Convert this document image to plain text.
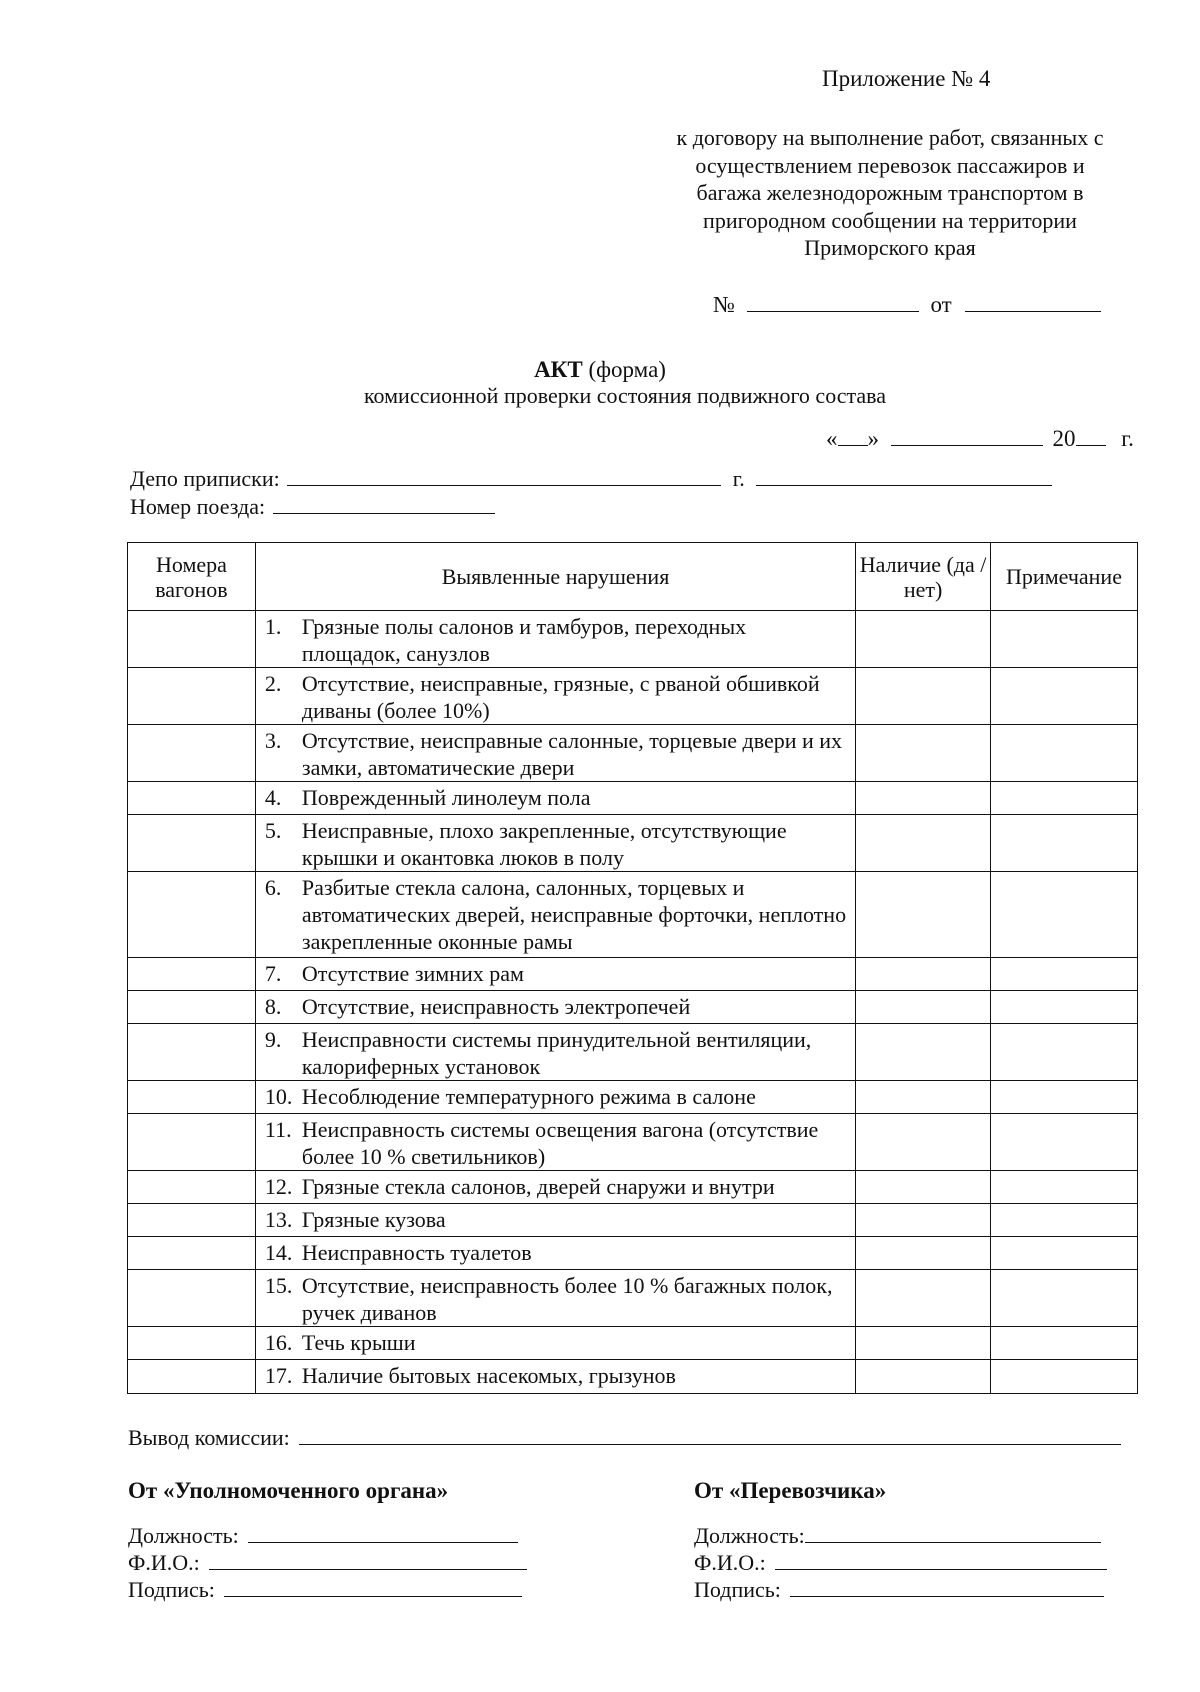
Приложение № 4
к договору на выполнение работ, связанных с
осуществлением перевозок пассажиров и
багажа железнодорожным транспортом в
пригородном сообщении на территории
Приморского края
№	от
АКТ (форма)
комиссионной проверки состояния подвижного состава
« »	20 г.
Депо приписки:	г.
Номер поезда:
Номера вагонов	Выявленные нарушения	Наличие (да / нет)	Примечание

	1. Грязные полы салонов и тамбуров, переходных площадок, санузлов		

	2. Отсутствие, неисправные, грязные, с рваной обшивкой диваны (более 10%)		

	3. Отсутствие, неисправные салонные, торцевые двери и их замки, автоматические двери		

	4. Поврежденный линолеум пола		

	5. Неисправные, плохо закрепленные, отсутствующие крышки и окантовка люков в полу		

	6. Разбитые стекла салона, салонных, торцевых и автоматических дверей, неисправные форточки, неплотно закрепленные оконные рамы		

	7. Отсутствие зимних рам		

	8. Отсутствие, неисправность электропечей		

	9. Неисправности системы принудительной вентиляции, калориферных установок		

	10. Несоблюдение температурного режима в салоне		

	11. Неисправность системы освещения вагона (отсутствие более 10 % светильников)		

	12. Грязные стекла салонов, дверей снаружи и внутри		

	13. Грязные кузова		

	14. Неисправность туалетов		

	15. Отсутствие, неисправность более 10 % багажных полок, ручек диванов		

	16. Течь крыши		

	17. Наличие бытовых насекомых, грызунов		

Вывод комиссии:
От «Уполномоченного органа»
Должность:
Ф.И.О.:
Подпись:
От «Перевозчика»
Должность:
Ф.И.О.:
Подпись:
